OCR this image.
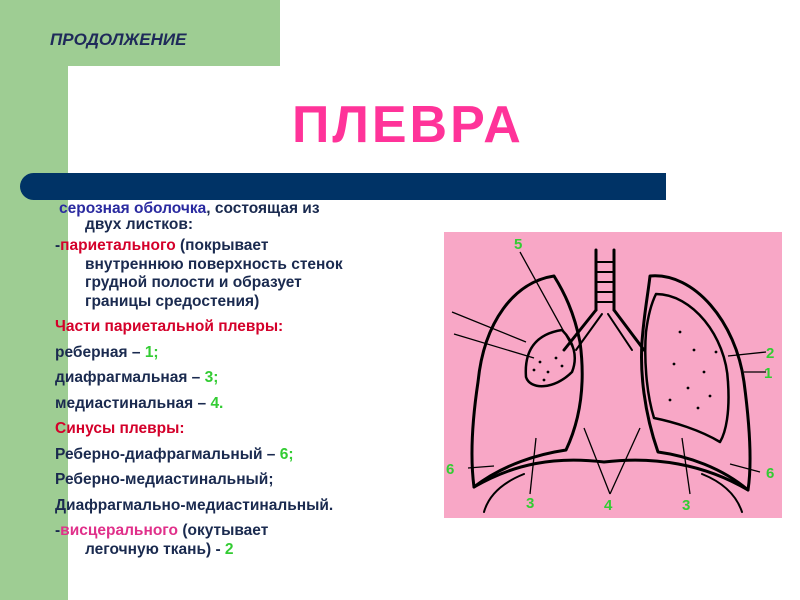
ПРОДОЛЖЕНИЕ
ПЛЕВРА

серозная оболочка, состоящая из

двух листков:

-париетального (покрывает

внутреннюю поверхность стенок

грудной полости и образует

границы средостения)

Части париетальной плевры:

реберная – 1;

диафрагмальная – 3;

медиастинальная – 4.

Синусы плевры:

Реберно-диафрагмальный – 6;

Реберно-медиастинальный;

Диафрагмально-медиастинальный.

-висцерального (окутывает

легочную ткань) - 2

5
2
1
6	6
3	4	3
